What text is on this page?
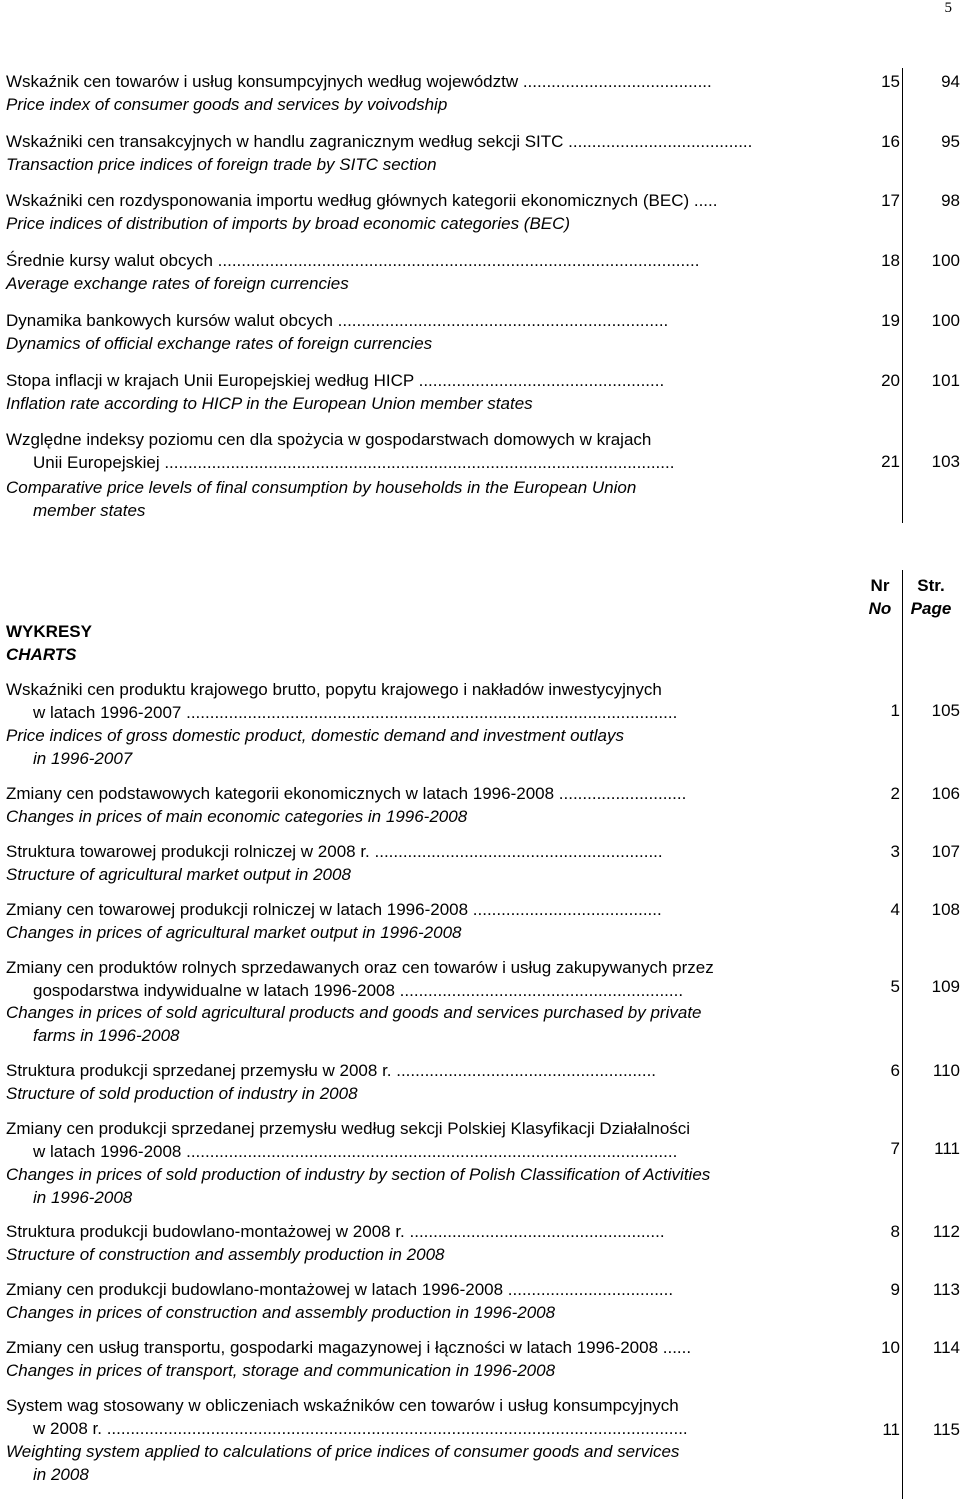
5
Wskaźnik cen towarów i usług konsumpcyjnych według województw ........................................
Price index of consumer goods and services by voivodship
15	94
Wskaźniki cen transakcyjnych w handlu zagranicznym według sekcji SITC .......................................
Transaction price indices of foreign trade by SITC section
16	95
Wskaźniki cen rozdysponowania importu według głównych kategorii ekonomicznych (BEC) .....
Price indices of distribution of imports by broad economic categories (BEC)
17	98
Średnie kursy walut obcych ......................................................................................................
Average exchange rates of foreign currencies
18	100
Dynamika bankowych kursów walut obcych ......................................................................
Dynamics of official exchange rates of foreign currencies
19	100
Stopa inflacji w krajach Unii Europejskiej według HICP ....................................................
Inflation rate according to HICP in the European Union member states
20	101
Względne indeksy poziomu cen dla spożycia w gospodarstwach domowych w krajach
Unii Europejskiej ............................................................................................................
Comparative price levels of final consumption by households in the European Union
member states
21	103
Nr
No
Str.
Page
WYKRESY
CHARTS
Wskaźniki cen produktu krajowego brutto, popytu krajowego i nakładów inwestycyjnych
w latach 1996-2007 ........................................................................................................
Price indices of gross domestic product, domestic demand and investment outlays
in 1996-2007
1	105
Zmiany cen podstawowych kategorii ekonomicznych w latach 1996-2008 ...........................
Changes in prices of main economic categories in 1996-2008
2	106
Struktura towarowej produkcji rolniczej w 2008 r. .............................................................
Structure of agricultural market output in 2008
3	107
Zmiany cen towarowej produkcji rolniczej w latach 1996-2008 ........................................
Changes in prices of agricultural market output in 1996-2008
4	108
Zmiany cen produktów rolnych sprzedawanych oraz cen towarów i usług zakupywanych przez
gospodarstwa indywidualne w latach 1996-2008 ............................................................
Changes in prices of sold agricultural products and goods and services purchased by private
farms in 1996-2008
5	109
Struktura produkcji sprzedanej przemysłu w 2008 r. .......................................................
Structure of sold production of industry in 2008
6	110
Zmiany cen produkcji sprzedanej przemysłu według sekcji Polskiej Klasyfikacji Działalności
w latach 1996-2008 ........................................................................................................
Changes in prices of sold production of industry by section of Polish Classification of Activities
in 1996-2008
7	111
Struktura produkcji budowlano-montażowej w 2008 r. ......................................................
Structure of construction and assembly production in 2008
8	112
Zmiany cen produkcji budowlano-montażowej w latach 1996-2008 ...................................
Changes in prices of construction and assembly production in 1996-2008
9	113
Zmiany cen usług transportu, gospodarki magazynowej i łączności w latach 1996-2008 ......
Changes in prices of transport, storage and communication in 1996-2008
10	114
System wag stosowany w obliczeniach wskaźników cen towarów i usług konsumpcyjnych
w 2008 r. ...........................................................................................................................
Weighting system applied to calculations of price indices of consumer goods and services
in 2008
11	115
